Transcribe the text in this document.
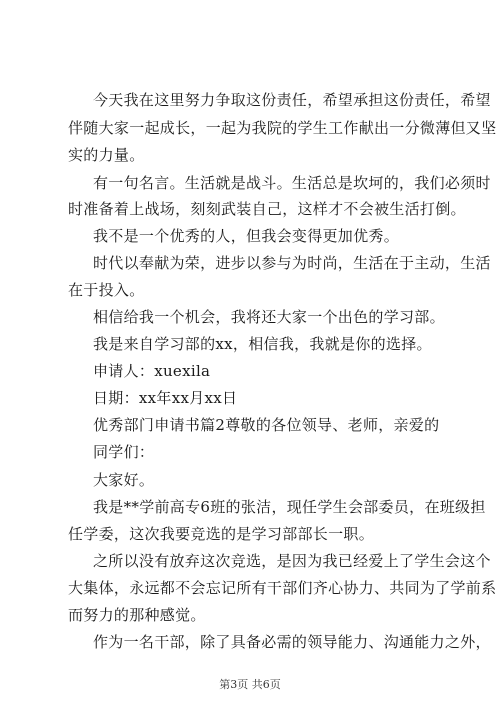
今天我在这里努力争取这份责任，希望承担这份责任，希望
伴随大家一起成长，一起为我院的学生工作献出一分微薄但又坚
实的力量。
有一句名言。生活就是战斗。生活总是坎坷的，我们必须时
时准备着上战场，刻刻武装自己，这样才不会被生活打倒。
我不是一个优秀的人，但我会变得更加优秀。
时代以奉献为荣，进步以参与为时尚，生活在于主动，生活
在于投入。
相信给我一个机会，我将还大家一个出色的学习部。
我是来自学习部的xx，相信我，我就是你的选择。
申请人：xuexila
日期：xx年xx月xx日
优秀部门申请书篇2尊敬的各位领导、老师，亲爱的
同学们：
大家好。
我是**学前高专6班的张洁，现任学生会部委员，在班级担
任学委，这次我要竞选的是学习部部长一职。
之所以没有放弃这次竞选，是因为我已经爱上了学生会这个
大集体，永远都不会忘记所有干部们齐心协力、共同为了学前系
而努力的那种感觉。
作为一名干部，除了具备必需的领导能力、沟通能力之外，
第3页 共6页
